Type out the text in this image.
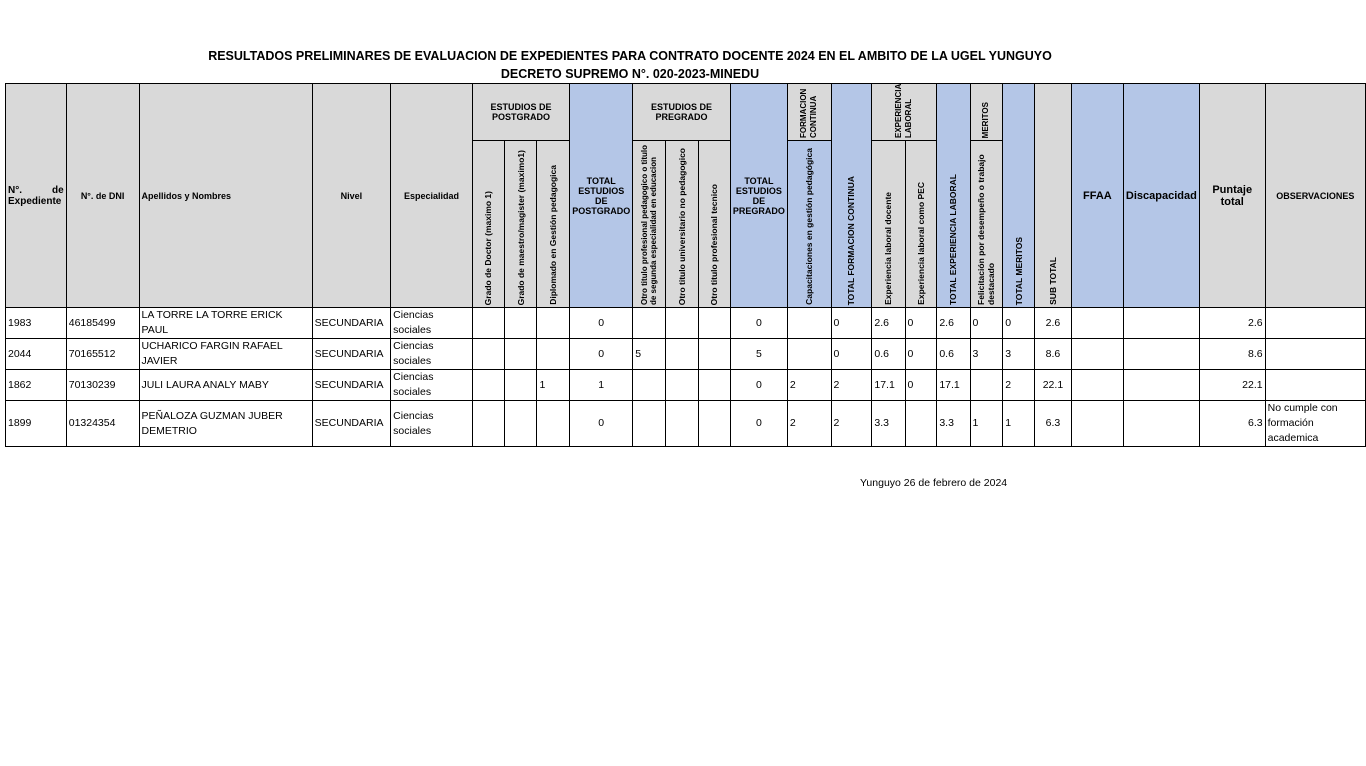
RESULTADOS PRELIMINARES DE EVALUACION DE EXPEDIENTES PARA CONTRATO DOCENTE 2024 EN EL AMBITO DE LA UGEL YUNGUYO
DECRETO SUPREMO N°. 020-2023-MINEDU
N°. de Expediente	N°. de DNI	Apellidos y Nombres	Nivel	Especialidad	ESTUDIOS DE POSTGRADO			TOTAL ESTUDIOS DE POSTGRADO	ESTUDIOS DE PREGRADO			TOTAL ESTUDIOS DE PREGRADO	FORMACION CONTINUA	TOTAL FORMACION CONTINUA	EXPERIENCIA LABORAL		TOTAL EXPERIENCIA LABORAL	MERITOS	TOTAL MERITOS	SUB TOTAL	FFAA	Discapacidad	Puntaje total	OBSERVACIONES

					Grado de Doctor (maximo 1)	Grado de maestro/magister (maximo1)	Diplomado en Gestión pedagogica		Otro titulo profesional pedagogico o titulo de segunda especialidad en educacion	Otro titulo universitario no pedagogico	Otro titulo profesional tecnico		Capacitaciones en gestión pedagógica		Experiencia laboral docente	Experiencia laboral como PEC		Felicitación por desempeño o trabajo destacado						

1983	46185499	LA TORRE LA TORRE ERICK PAUL	SECUNDARIA	Ciencias sociales				0				0		0	2.6	0	2.6	0	0	2.6			2.6	
2044	70165512	UCHARICO FARGIN RAFAEL JAVIER	SECUNDARIA	Ciencias sociales				0	5			5		0	0.6	0	0.6	3	3	8.6			8.6	
1862	70130239	JULI LAURA ANALY MABY	SECUNDARIA	Ciencias sociales			1	1				0	2	2	17.1	0	17.1		2	22.1			22.1	
1899	01324354	PEÑALOZA GUZMAN JUBER DEMETRIO	SECUNDARIA	Ciencias sociales				0				0	2	2	3.3		3.3	1	1	6.3			6.3	No cumple con formación academica
Yunguyo 26 de febrero de 2024
